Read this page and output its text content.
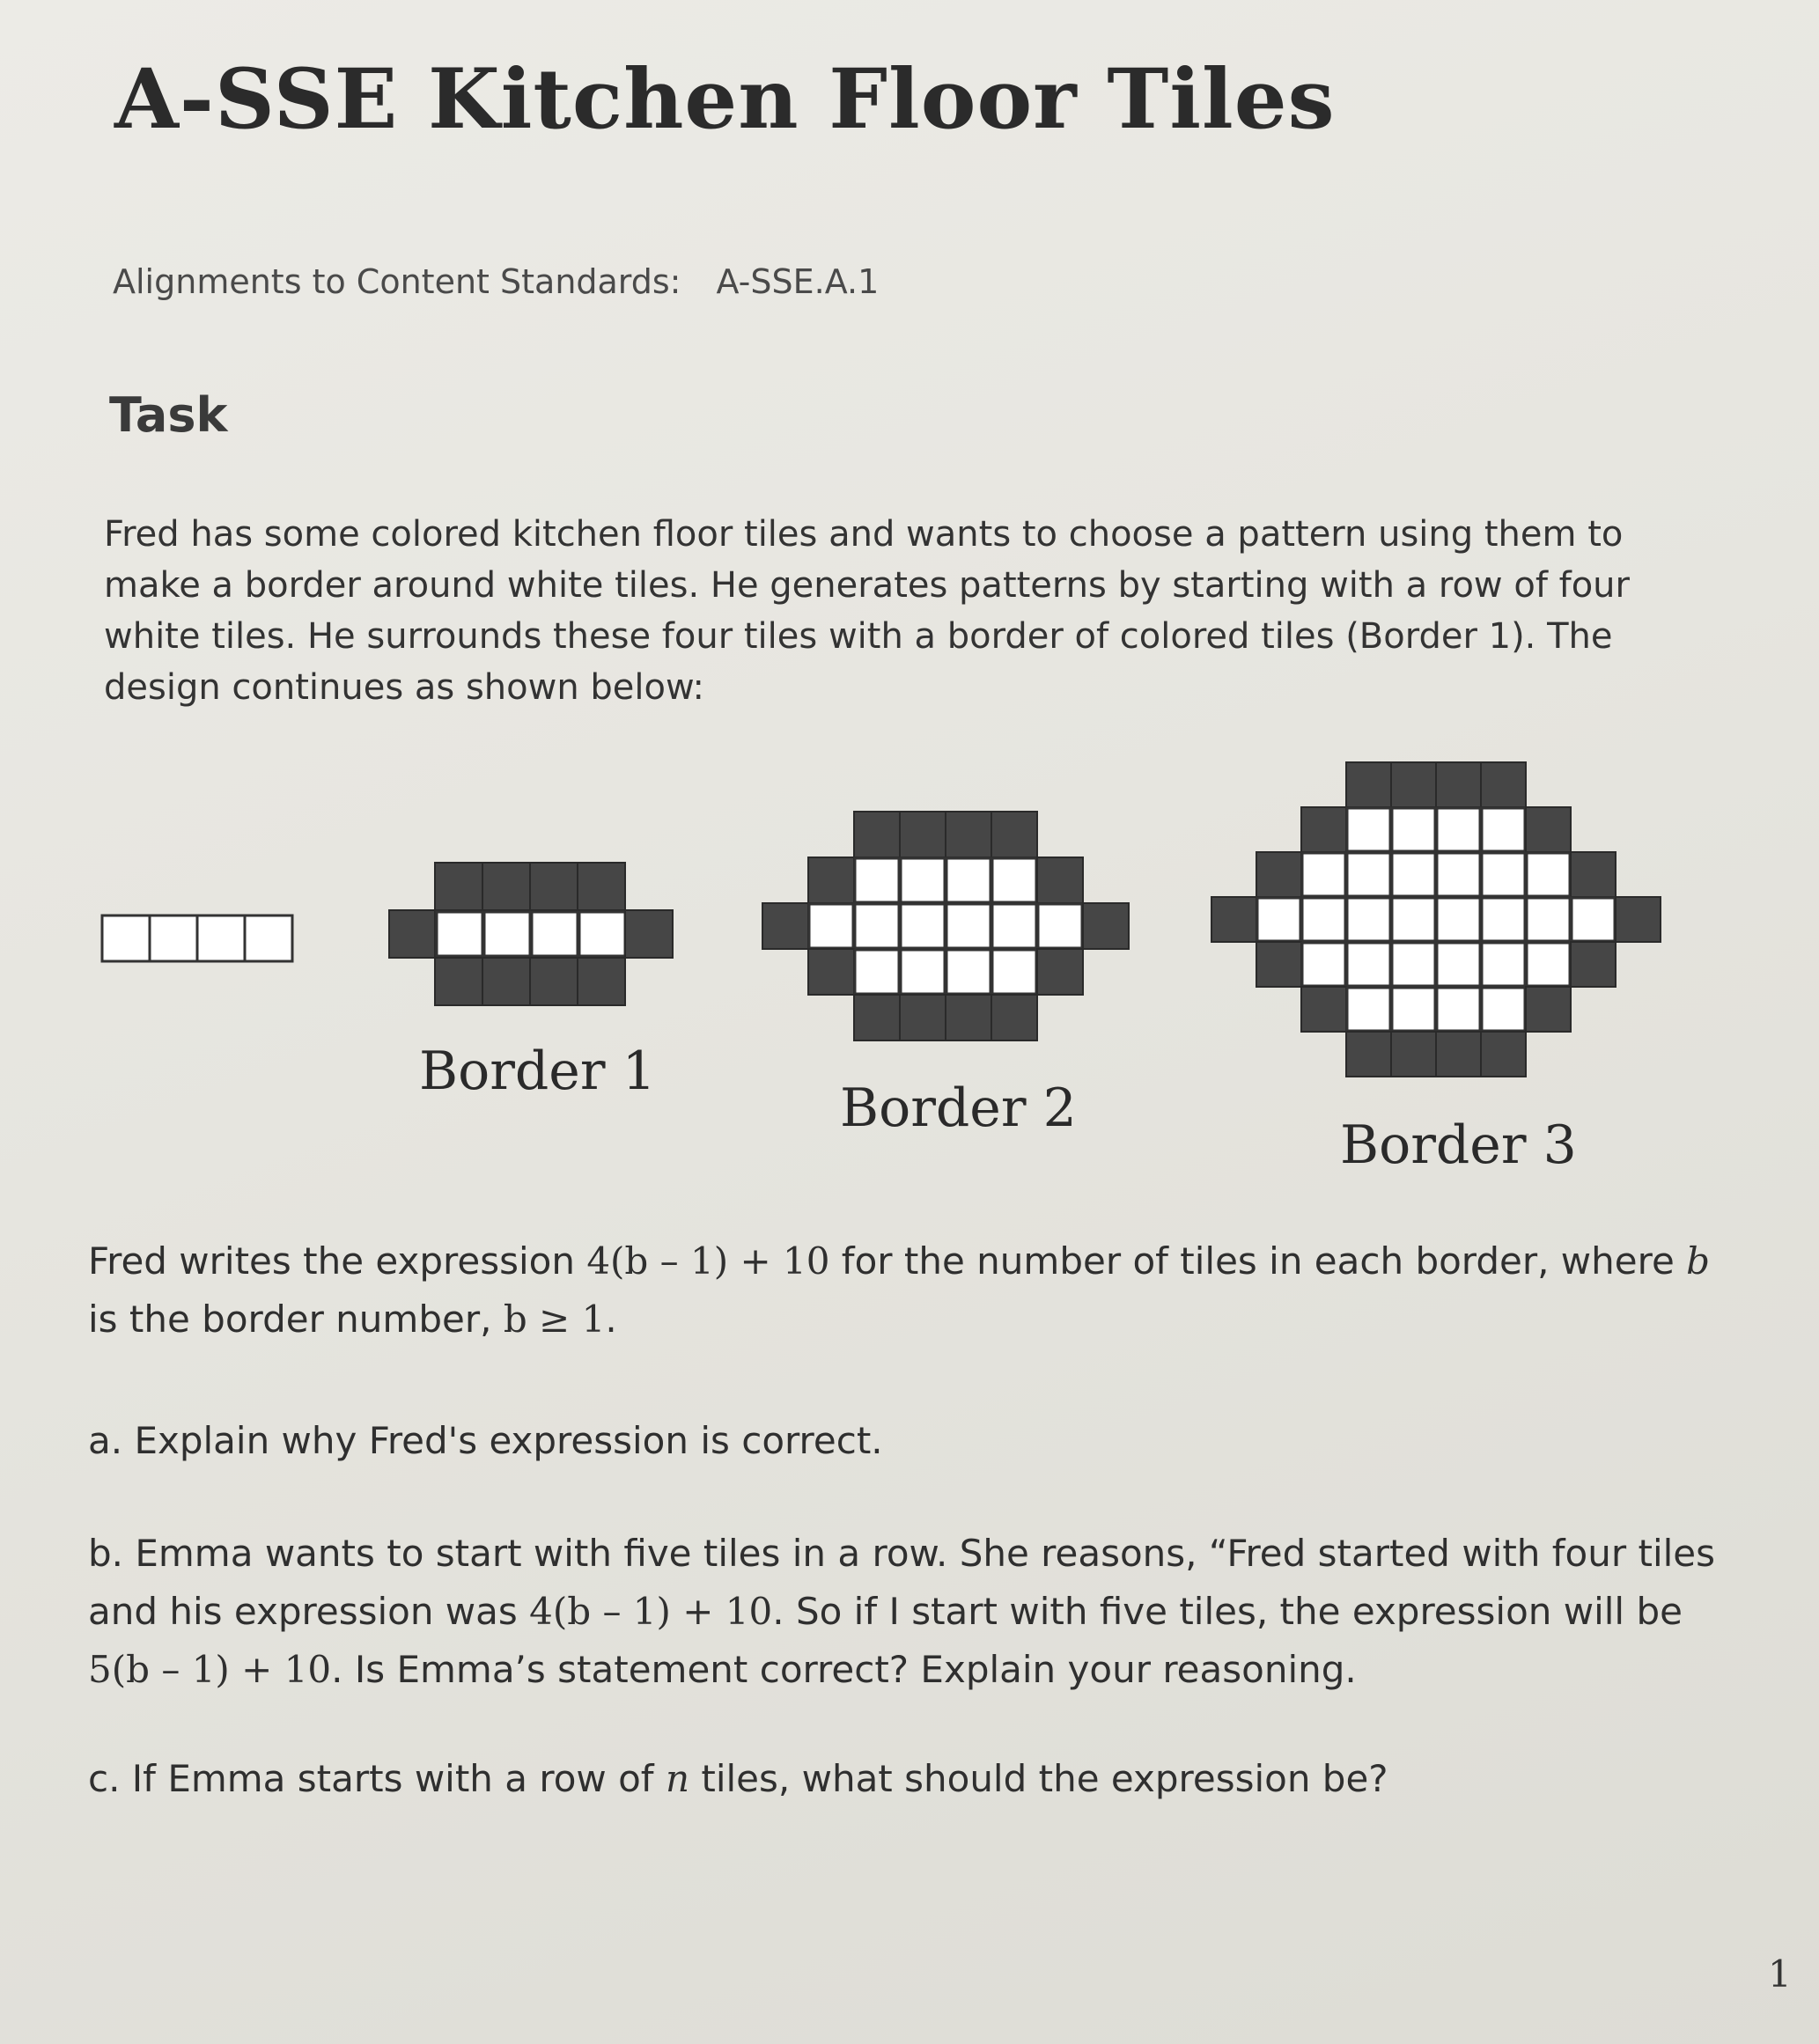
A-SSE Kitchen Floor Tiles
Alignments to Content Standards: A-SSE.A.1
Task

Fred has some colored kitchen floor tiles and wants to choose a pattern using them to make a border around white tiles. He generates patterns by starting with a row of four white tiles. He surrounds these four tiles with a border of colored tiles (Border 1). The design continues as shown below:

Border 1
Border 2
Border 3

Fred writes the expression 4(b – 1) + 10 for the number of tiles in each border, where b is the border number, b ≥ 1.

a. Explain why Fred's expression is correct.

b. Emma wants to start with five tiles in a row. She reasons, “Fred started with four tiles and his expression was 4(b – 1) + 10. So if I start with five tiles, the expression will be 5(b – 1) + 10. Is Emma’s statement correct? Explain your reasoning.

c. If Emma starts with a row of n tiles, what should the expression be?

1
